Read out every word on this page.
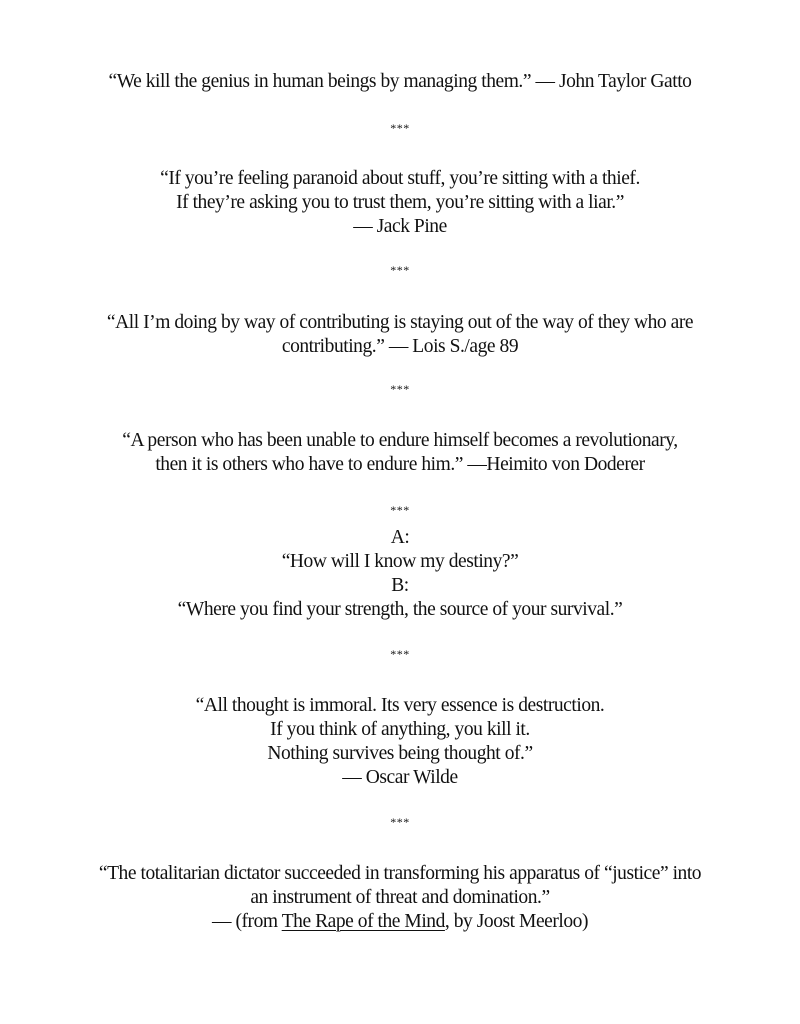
“We kill the genius in human beings by managing them.” — John Taylor Gatto
***
“If you’re feeling paranoid about stuff, you’re sitting with a thief.
If they’re asking you to trust them, you’re sitting with a liar.”
— Jack Pine
***
“All I’m doing by way of contributing is staying out of the way of they who are
contributing.” — Lois S./age 89
***
“A person who has been unable to endure himself becomes a revolutionary,
then it is others who have to endure him.” —Heimito von Doderer
***
A:
“How will I know my destiny?”
B:
“Where you find your strength, the source of your survival.”
***
“All thought is immoral. Its very essence is destruction.
If you think of anything, you kill it.
Nothing survives being thought of.”
— Oscar Wilde
***
“The totalitarian dictator succeeded in transforming his apparatus of “justice” into
an instrument of threat and domination.”
— (from The Rape of the Mind, by Joost Meerloo)
